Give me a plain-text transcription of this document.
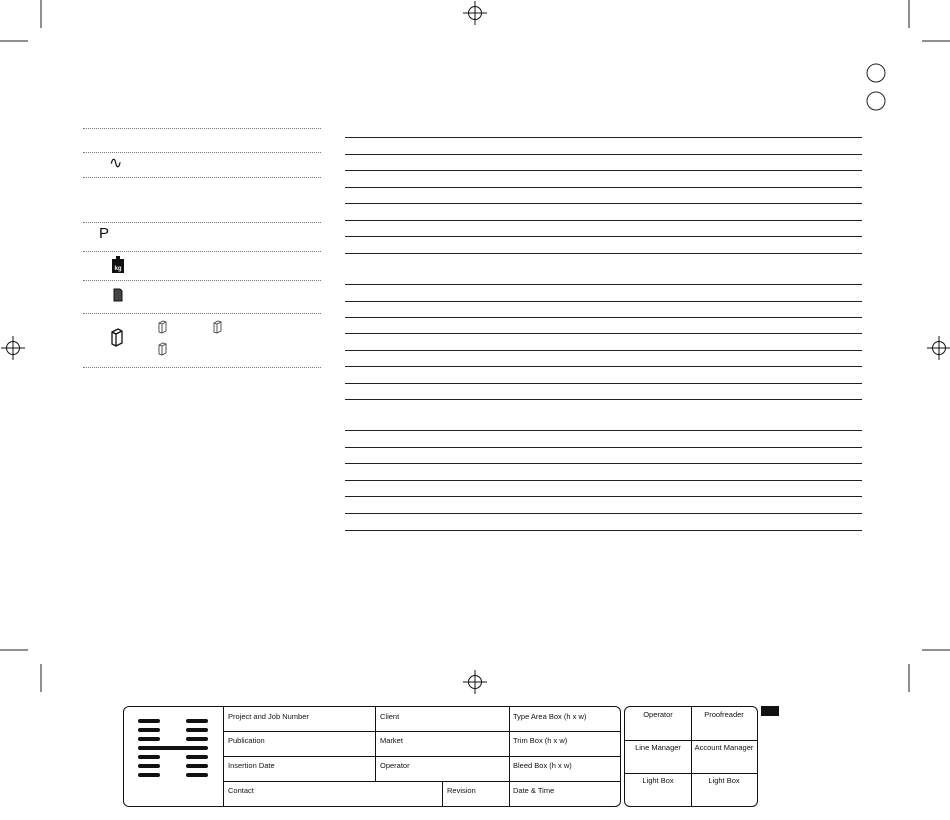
∿
P
kg
Project and Job Number	Client	Type Area Box (h x w)
Publication	Market	Trim Box (h x w)
Insertion Date	Operator	Bleed Box (h x w)
Contact	Revision	Date & Time
Operator	Proofreader
Line Manager	Account Manager
Light Box	Light Box
